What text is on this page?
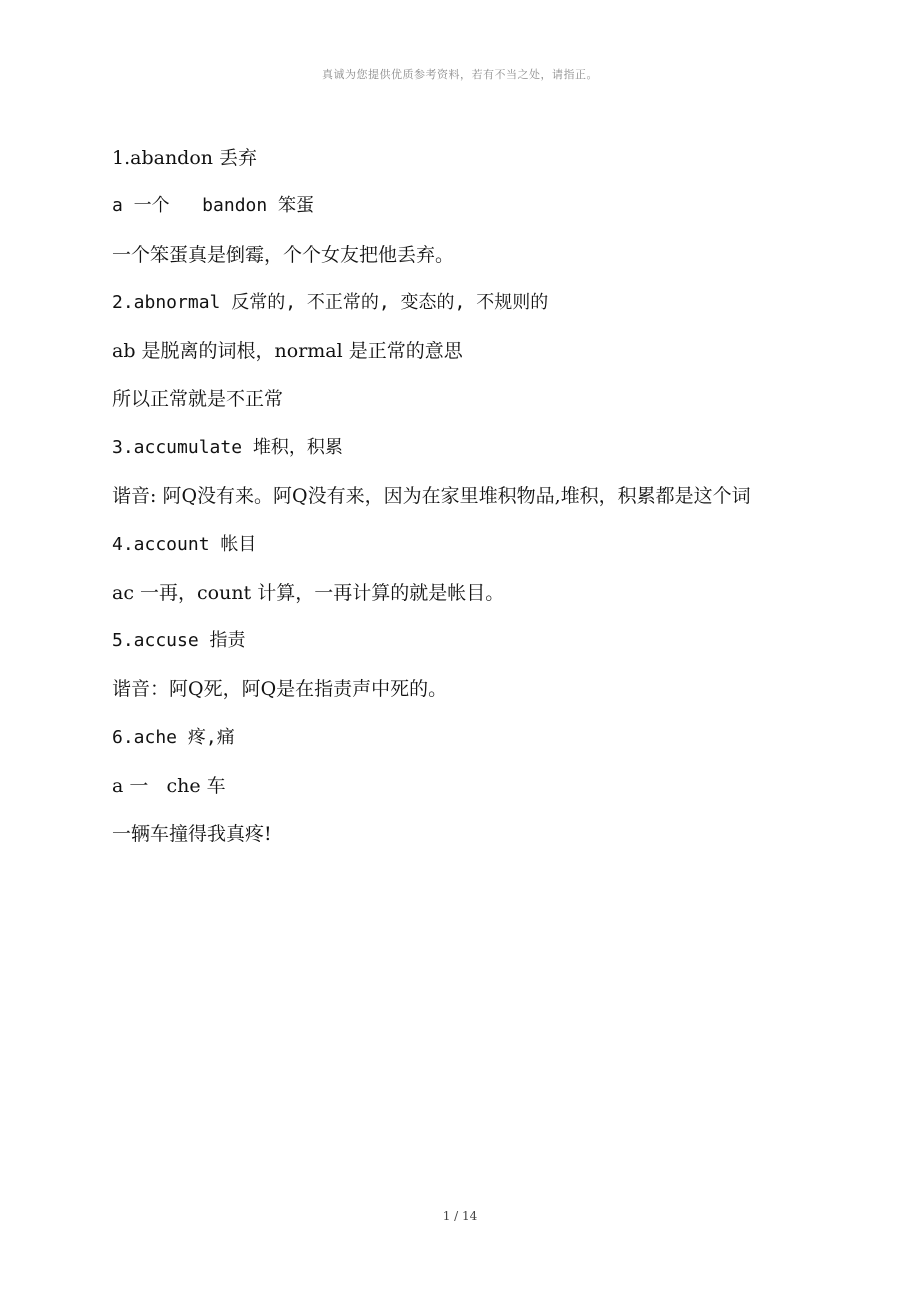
真诚为您提供优质参考资料，若有不当之处，请指正。
1.abandon 丢弃
a 一个   bandon 笨蛋
一个笨蛋真是倒霉，个个女友把他丢弃。
2.abnormal 反常的, 不正常的, 变态的, 不规则的
ab 是脱离的词根，normal 是正常的意思
所以正常就是不正常
3.accumulate 堆积，积累
谐音: 阿Q没有来。阿Q没有来，因为在家里堆积物品,堆积，积累都是这个词
4.account 帐目
ac 一再，count 计算，一再计算的就是帐目。
5.accuse 指责
谐音：阿Q死，阿Q是在指责声中死的。
6.ache 疼,痛
a 一   che 车
一辆车撞得我真疼!
1 / 14
